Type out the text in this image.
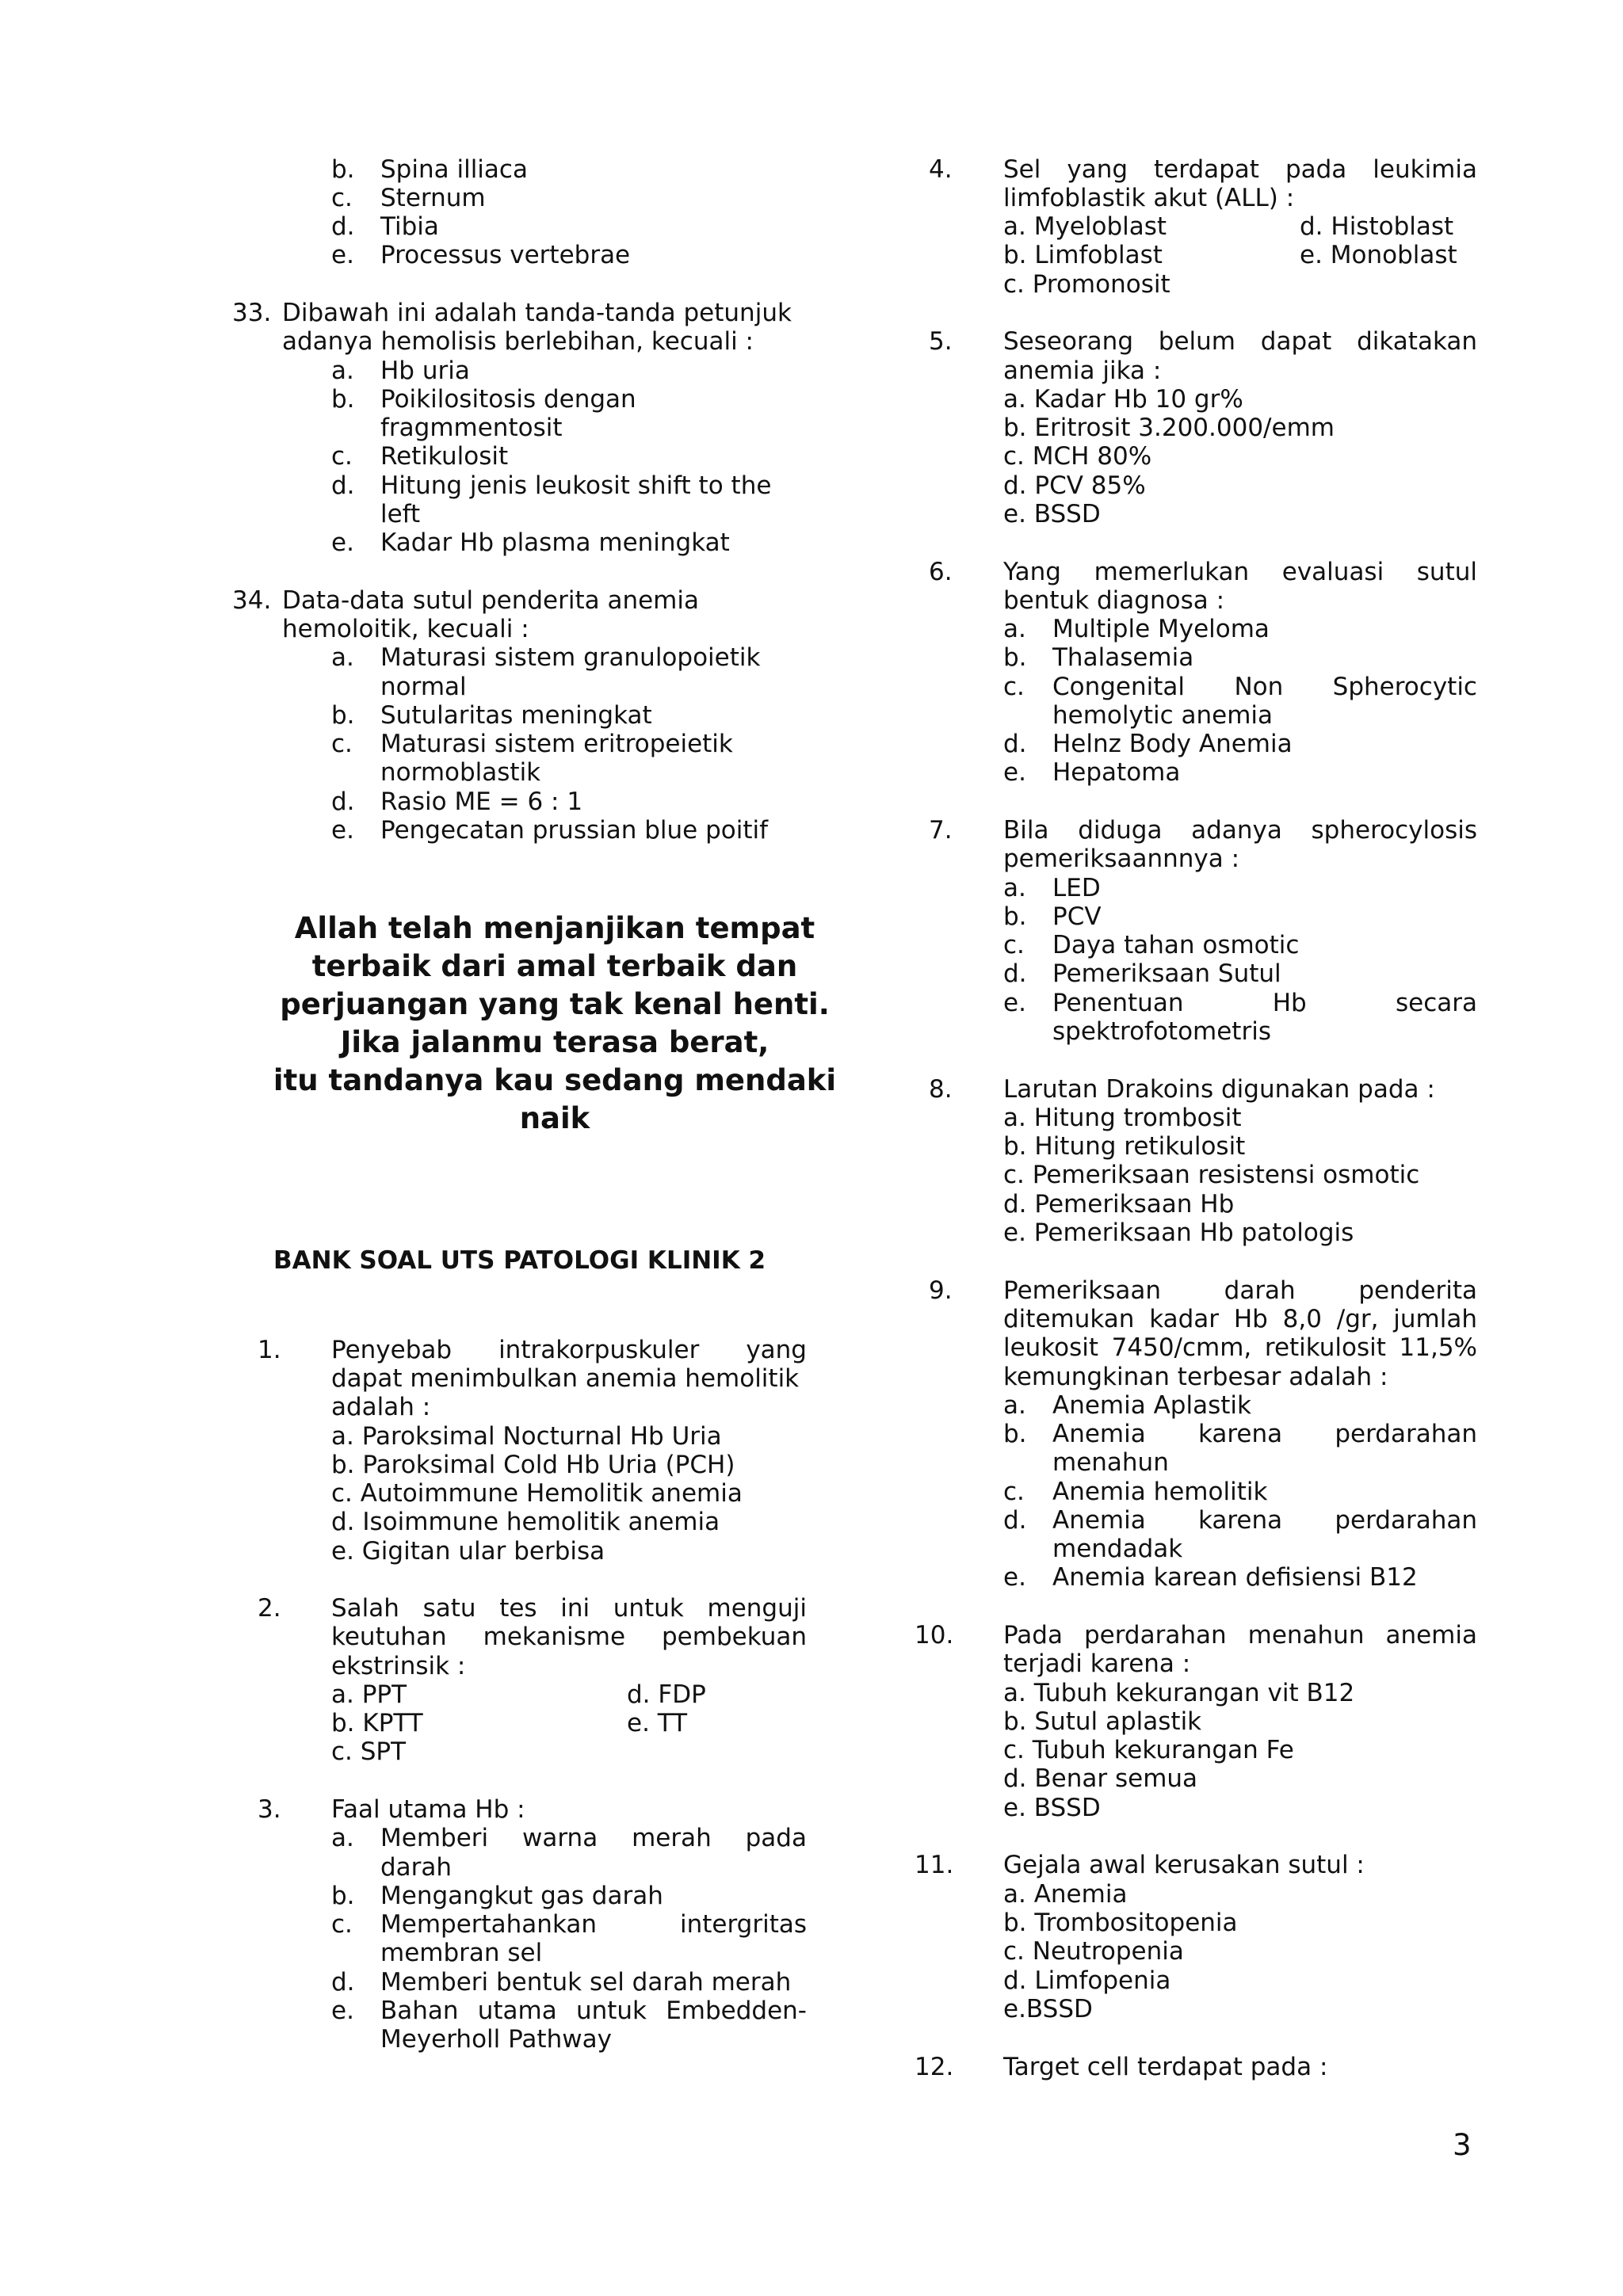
b. Spina illiaca
c. Sternum
d. Tibia
e. Processus vertebrae
33. Dibawah ini adalah tanda-tanda petunjuk
adanya hemolisis berlebihan, kecuali :
a. Hb uria
b. Poikilositosis dengan
fragmmentosit
c. Retikulosit
d. Hitung jenis leukosit shift to the
left
e. Kadar Hb plasma meningkat
34. Data-data sutul penderita anemia
hemoloitik, kecuali :
a. Maturasi sistem granulopoietik
normal
b. Sutularitas meningkat
c. Maturasi sistem eritropeietik
normoblastik
d. Rasio ME = 6 : 1
e. Pengecatan prussian blue poitif
Allah telah menjanjikan tempat
terbaik dari amal terbaik dan
perjuangan yang tak kenal henti.
Jika jalanmu terasa berat,
itu tandanya kau sedang mendaki
naik
BANK SOAL UTS PATOLOGI KLINIK 2
1. Penyebab intrakorpuskuler yang
dapat menimbulkan anemia hemolitik
adalah :
a. Paroksimal Nocturnal Hb Uria
b. Paroksimal Cold Hb Uria (PCH)
c. Autoimmune Hemolitik anemia
d. Isoimmune hemolitik anemia
e. Gigitan ular berbisa
2. Salah satu tes ini untuk menguji
keutuhan mekanisme pembekuan
ekstrinsik :
a. PPT	d. FDP
b. KPTT	e. TT
c. SPT
3. Faal utama Hb :
a. Memberi warna merah pada
darah
b. Mengangkut gas darah
c. Mempertahankan	intergritas
membran sel
d. Memberi bentuk sel darah merah
e. Bahan utama untuk Embedden-
Meyerholl Pathway
4. Sel yang terdapat pada leukimia
limfoblastik akut (ALL) :
a. Myeloblast	d. Histoblast
b. Limfoblast	e. Monoblast
c. Promonosit
5. Seseorang belum dapat dikatakan
anemia jika :
a. Kadar Hb 10 gr%
b. Eritrosit 3.200.000/emm
c. MCH 80%
d. PCV 85%
e. BSSD
6. Yang memerlukan evaluasi sutul
bentuk diagnosa :
a. Multiple Myeloma
b. Thalasemia
c. Congenital Non Spherocytic
hemolytic anemia
d. Helnz Body Anemia
e. Hepatoma
7. Bila diduga adanya spherocylosis
pemeriksaannnya :
a. LED
b. PCV
c. Daya tahan osmotic
d. Pemeriksaan Sutul
e. Penentuan	Hb	secara
spektrofotometris
8. Larutan Drakoins digunakan pada :
a. Hitung trombosit
b. Hitung retikulosit
c. Pemeriksaan resistensi osmotic
d. Pemeriksaan Hb
e. Pemeriksaan Hb patologis
9. Pemeriksaan	darah	penderita
ditemukan kadar Hb 8,0 /gr, jumlah
leukosit 7450/cmm, retikulosit 11,5%
kemungkinan terbesar adalah :
a. Anemia Aplastik
b. Anemia karena perdarahan
menahun
c. Anemia hemolitik
d. Anemia karena perdarahan
mendadak
e. Anemia karean defisiensi B12
10. Pada perdarahan menahun anemia
terjadi karena :
a. Tubuh kekurangan vit B12
b. Sutul aplastik
c. Tubuh kekurangan Fe
d. Benar semua
e. BSSD
11. Gejala awal kerusakan sutul :
a. Anemia
b. Trombositopenia
c. Neutropenia
d. Limfopenia
e.BSSD
12. Target cell terdapat pada :
3
